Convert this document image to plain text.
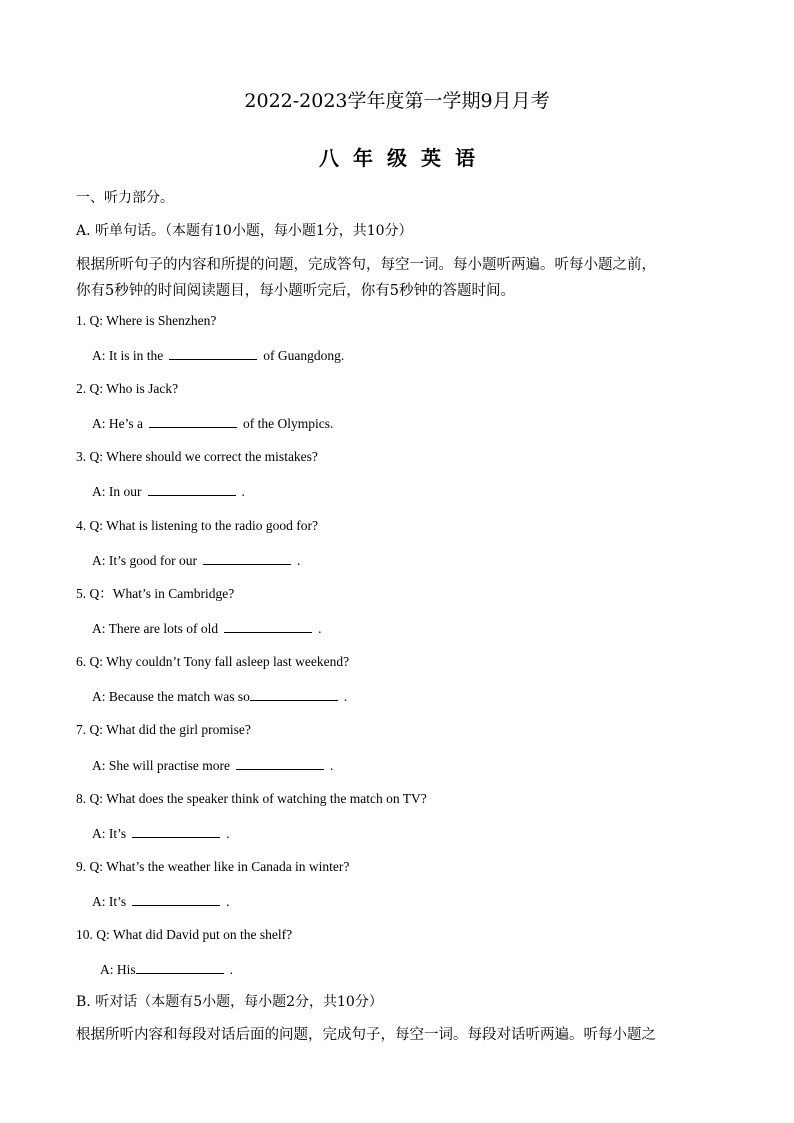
2022-2023学年度第一学期9月月考
八年级英语
一、听力部分。
A. 听单句话。（本题有10小题，每小题1分，共10分）
根据所听句子的内容和所提的问题，完成答句，每空一词。每小题听两遍。听每小题之前，
你有5秒钟的时间阅读题目，每小题听完后，你有5秒钟的答题时间。
1. Q: Where is Shenzhen?
A: It is in the	of Guangdong.
2. Q: Who is Jack?
A: He’s a	of the Olympics.
3. Q: Where should we correct the mistakes?
A: In our	.
4. Q: What is listening to the radio good for?
A: It’s good for our	.
5. Q：What’s in Cambridge?
A: There are lots of old	.
6. Q: Why couldn’t Tony fall asleep last weekend?
A: Because the match was so	.
7. Q: What did the girl promise?
A: She will practise more	.
8. Q: What does the speaker think of watching the match on TV?
A: It’s	.
9. Q: What’s the weather like in Canada in winter?
A: It’s	.
10. Q: What did David put on the shelf?
A: His	.
B. 听对话（本题有5小题，每小题2分，共10分）
根据所听内容和每段对话后面的问题，完成句子，每空一词。每段对话听两遍。听每小题之
